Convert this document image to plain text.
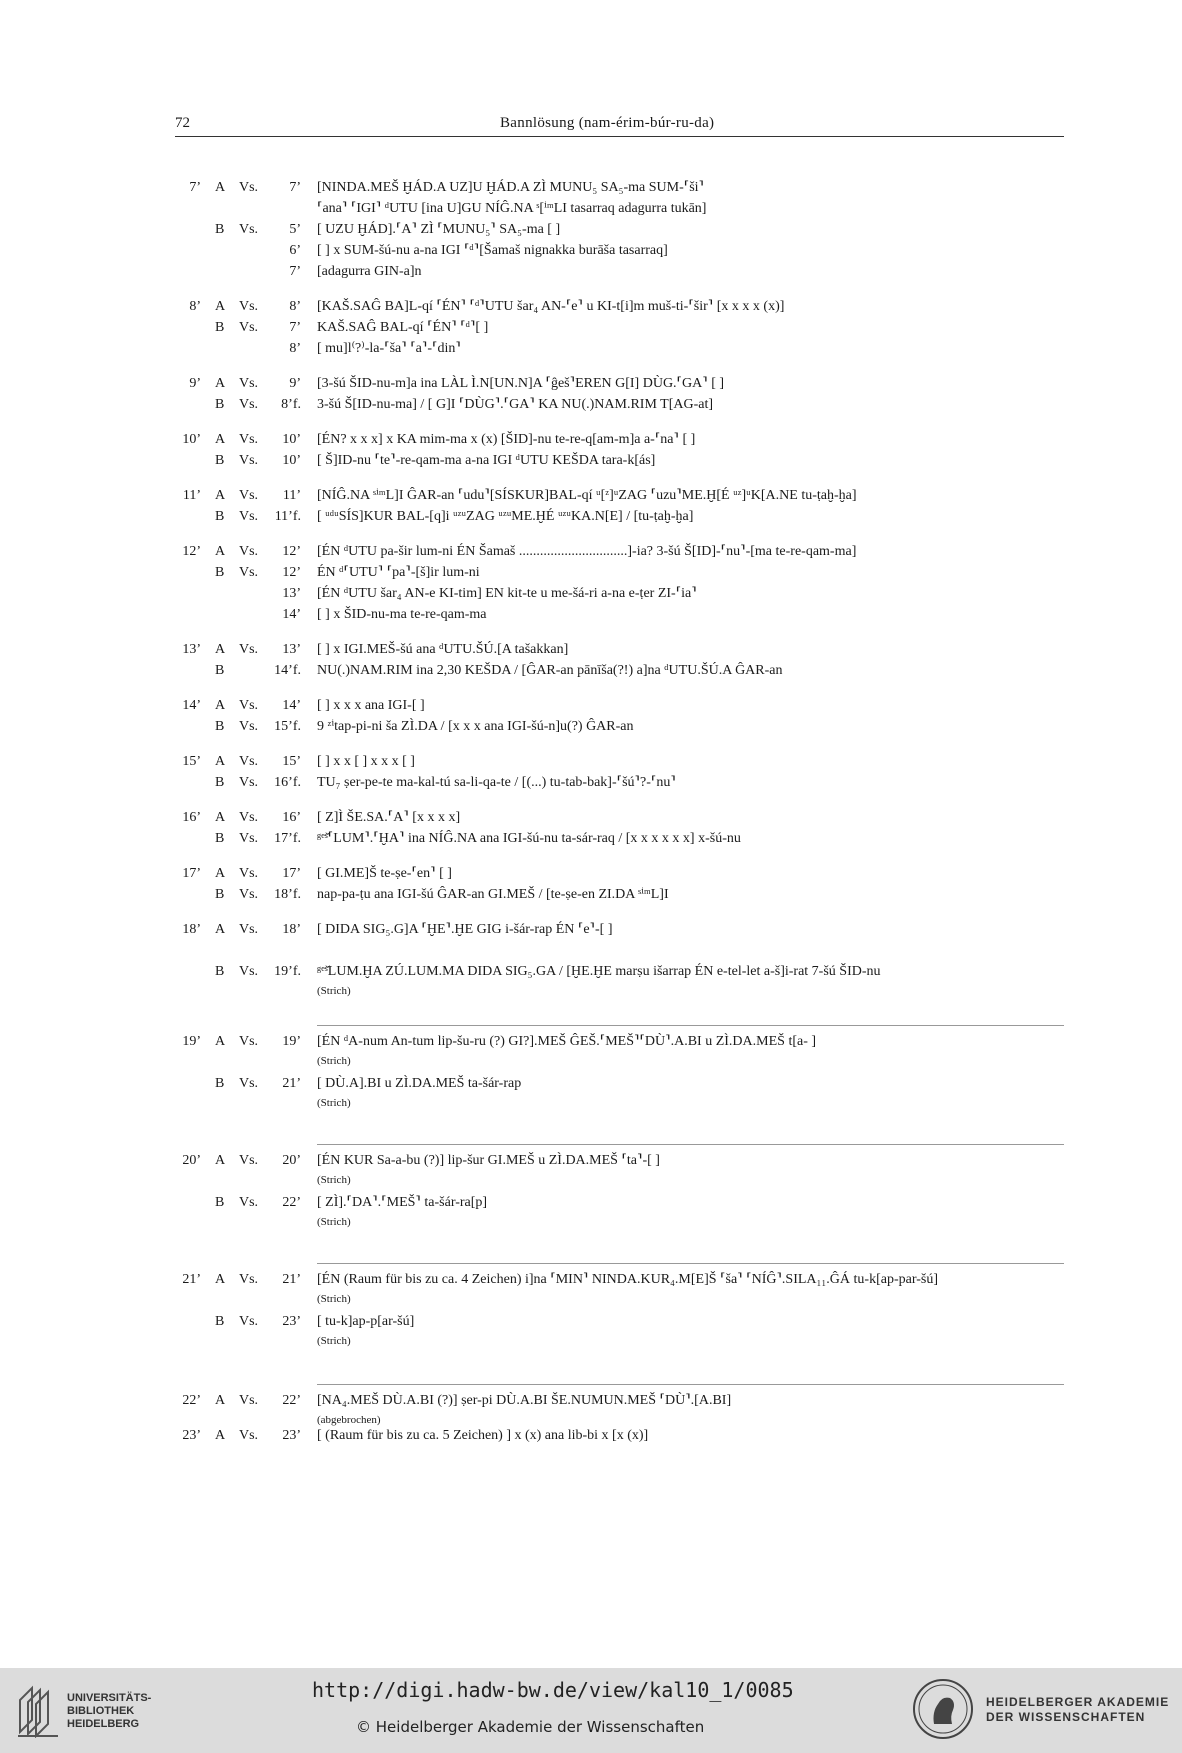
72	Bannlösung (nam-érim-búr-ru-da)
7’ A Vs.	7’ [NINDA.MEŠ ḪÁD.A UZ]U ḪÁD.A ZÌ MUNU₅ SA₅-ma SUM-⸢ši⸣
⸢ana⸣ ⸢IGI⸣ ᵈUTU [ina U]GU NÍĜ.NA ˢ[ⁱᵐLI tasarraq adagurra tukān]
B Vs.	5’ [ UZU ḪÁD].⸢A⸣ ZÌ ⸢MUNU₅⸣ SA₅-ma [ ]
6’ [ ] x SUM-šú-nu a-na IGI ⸢ᵈ⸣[Šamaš nignakka burāša tasarraq]
7’ [adagurra GIN-a]n
8’ A Vs.	8’ [KAŠ.SAĜ BA]L-qí ⸢ÉN⸣ ⸢ᵈ⸣UTU šar₄ AN-⸢e⸣ u KI-t[i]m muš-ti-⸢šir⸣ [x x x x (x)]
B Vs.	7’ KAŠ.SAĜ BAL-qí ⸢ÉN⸣ ⸢ᵈ⸣[ ]
8’ [ mu]l⁽?⁾-la-⸢ša⸣ ⸢a⸣-⸢din⸣
9’ A Vs.	9’ [3-šú ŠID-nu-m]a ina LÀL Ì.N[UN.N]A ⸢ĝeš⸣EREN G[I] DÙG.⸢GA⸣ [ ]
B Vs.	8’f. 3-šú Š[ID-nu-ma] / [ G]I ⸢DÙG⸣.⸢GA⸣ KA NU(.)NAM.RIM T[AG-at]
10’ A Vs.	10’ [ÉN? x x x] x KA mim-ma x (x) [ŠID]-nu te-re-q[am-m]a a-⸢na⸣ [ ]
B Vs.	10’ [ Š]ID-nu ⸢te⸣-re-qam-ma a-na IGI ᵈUTU KEŠDA tara-k[ás]
11’ A Vs.	11’ [NÍĜ.NA ˢⁱᵐL]I ĜAR-an ⸢udu⸣[SÍSKUR]BAL-qí ᵘ[ᶻ]ᵘZAG ⸢uzu⸣ME.Ḫ[É ᵘᶻ]ᵘK[A.NE tu-ṭaḫ-ḫa]
B Vs.	11’f. [ ᵘᵈᵘSÍS]KUR BAL-[q]i ᵘᶻᵘZAG ᵘᶻᵘME.ḪÉ ᵘᶻᵘKA.N[E] / [tu-ṭaḫ-ḫa]
12’ A Vs.	12’ [ÉN ᵈUTU pa-šir lum-ni ÉN Šamaš ...............................]-ia? 3-šú Š[ID]-⸢nu⸣-[ma te-re-qam-ma]
B Vs.	12’ ÉN ᵈ⸢UTU⸣ ⸢pa⸣-[š]ir lum-ni
13’ [ÉN ᵈUTU šar₄ AN-e KI-tim] EN kit-te u me-šá-ri a-na e-ṭer ZI-⸢ia⸣
14’ [ ] x ŠID-nu-ma te-re-qam-ma
13’ A Vs.	13’ [ ] x IGI.MEŠ-šú ana ᵈUTU.ŠÚ.[A tašakkan]
B	14’f. NU(.)NAM.RIM ina 2,30 KEŠDA / [ĜAR-an pānīša(?!) a]na ᵈUTU.ŠÚ.A ĜAR-an
14’ A Vs.	14’ [ ] x x x ana IGI-[ ]
B Vs.	15’f. 9 ᶻⁱtap-pi-ni ša ZÌ.DA / [x x x ana IGI-šú-n]u(?) ĜAR-an
15’ A Vs.	15’ [ ] x x [ ] x x x [ ]
B Vs.	16’f. TU₇ ṣer-pe-te ma-kal-tú sa-li-qa-te / [(...) tu-tab-bak]-⸢šú⸣?-⸢nu⸣
16’ A Vs.	16’ [ Z]Ì ŠE.SA.⸢A⸣ [x x x x]
B Vs.	17’f. ᵍᵉˢ̌⸢LUM⸣.⸢ḪA⸣ ina NÍĜ.NA ana IGI-šú-nu ta-sár-raq / [x x x x x x] x-šú-nu
17’ A Vs.	17’ [ GI.ME]Š te-ṣe-⸢en⸣ [ ]
B Vs.	18’f. nap-pa-ṭu ana IGI-šú ĜAR-an GI.MEŠ / [te-ṣe-en ZI.DA ˢⁱᵐL]I
18’ A Vs.	18’ [ DIDA SIG₅.G]A ⸢ḪE⸣.ḪE GIG i-šár-rap ÉN ⸢e⸣-[ ]
B Vs.	19’f. ᵍᵉˢ̌LUM.ḪA ZÚ.LUM.MA DIDA SIG₅.GA / [ḪE.ḪE marṣu išarrap ÉN e-tel-let a-š]i-rat 7-šú ŠID-nu
(Strich)
19’ A Vs.	19’ [ÉN ᵈA-num An-tum lip-šu-ru (?) GI?].MEŠ ĜEŠ.⸢MEŠ⸣⸢DÙ⸣.A.BI u ZÌ.DA.MEŠ t[a- ]
(Strich)
B Vs.	21’ [ DÙ.A].BI u ZÌ.DA.MEŠ ta-šár-rap
(Strich)
20’ A Vs.	20’ [ÉN KUR Sa-a-bu (?)] lip-šur GI.MEŠ u ZÌ.DA.MEŠ ⸢ta⸣-[ ]
(Strich)
B Vs.	22’ [ ZÌ].⸢DA⸣.⸢MEŠ⸣ ta-šár-ra[p]
(Strich)
21’ A Vs.	21’ [ÉN (Raum für bis zu ca. 4 Zeichen) i]na ⸢MIN⸣ NINDA.KUR₄.M[E]Š ⸢ša⸣ ⸢NÍĜ⸣.SILA₁₁.ĜÁ tu-k[ap-par-šú]
(Strich)
B Vs.	23’ [ tu-k]ap-p[ar-šú]
(Strich)
22’ A Vs.	22’ [NA₄.MEŠ DÙ.A.BI (?)] ṣer-pi DÙ.A.BI ŠE.NUMUN.MEŠ ⸢DÙ⸣.[A.BI]
(abgebrochen)
23’ A Vs.	23’ [ (Raum für bis zu ca. 5 Zeichen) ] x (x) ana lib-bi x [x (x)]
UNIVERSITÄTS-
BIBLIOTHEK
HEIDELBERG
http://digi.hadw-bw.de/view/kal10_1/0085
© Heidelberger Akademie der Wissenschaften
HEIDELBERGER AKADEMIE
DER WISSENSCHAFTEN
